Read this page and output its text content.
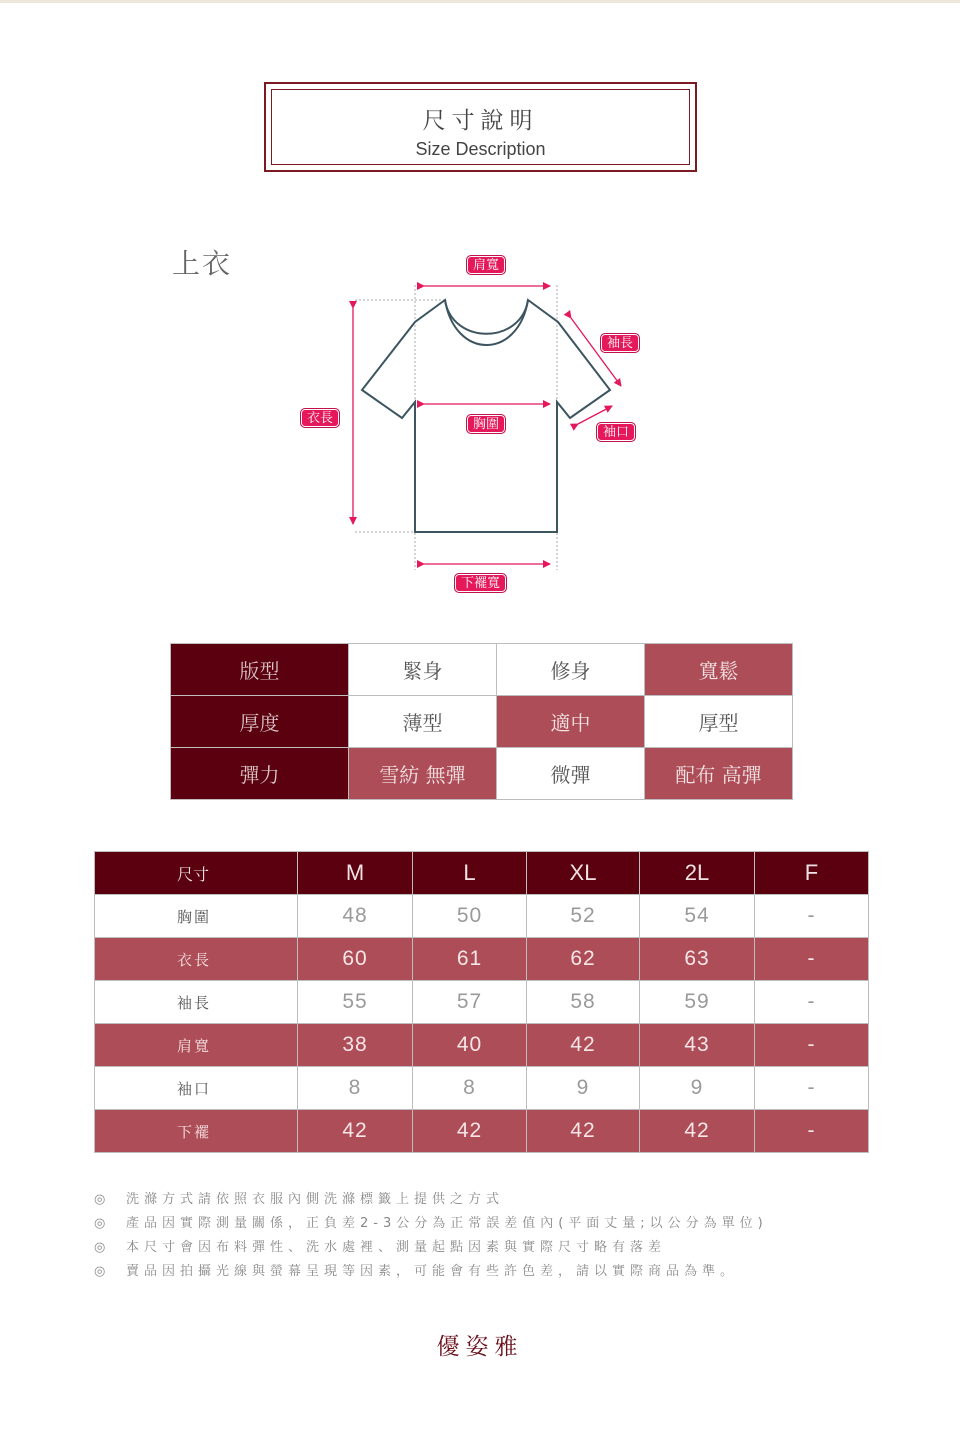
尺寸說明
Size Description
上衣	肩寬
袖長
衣長	胸圍
袖口
下襬寬
版型	緊身	修身	寬鬆
厚度	薄型	適中	厚型
彈力	雪紡 無彈	微彈	配布 高彈
尺寸	M	L	XL	2L	F
胸圍	48	50	52	54	-
衣長	60	61	62	63	-
袖長	55	57	58	59	-
肩寬	38	40	42	43	-
袖口	8	8	9	9	-
下襬	42	42	42	42	-
◎ 洗滌方式請依照衣服內側洗滌標籤上提供之方式
◎ 產品因實際測量關係，正負差2-3公分為正常誤差值內(平面丈量;以公分為單位)
◎ 本尺寸會因布料彈性、洗水處裡、測量起點因素與實際尺寸略有落差
◎ 賣品因拍攝光線與螢幕呈現等因素，可能會有些許色差，請以實際商品為準。
優姿雅
